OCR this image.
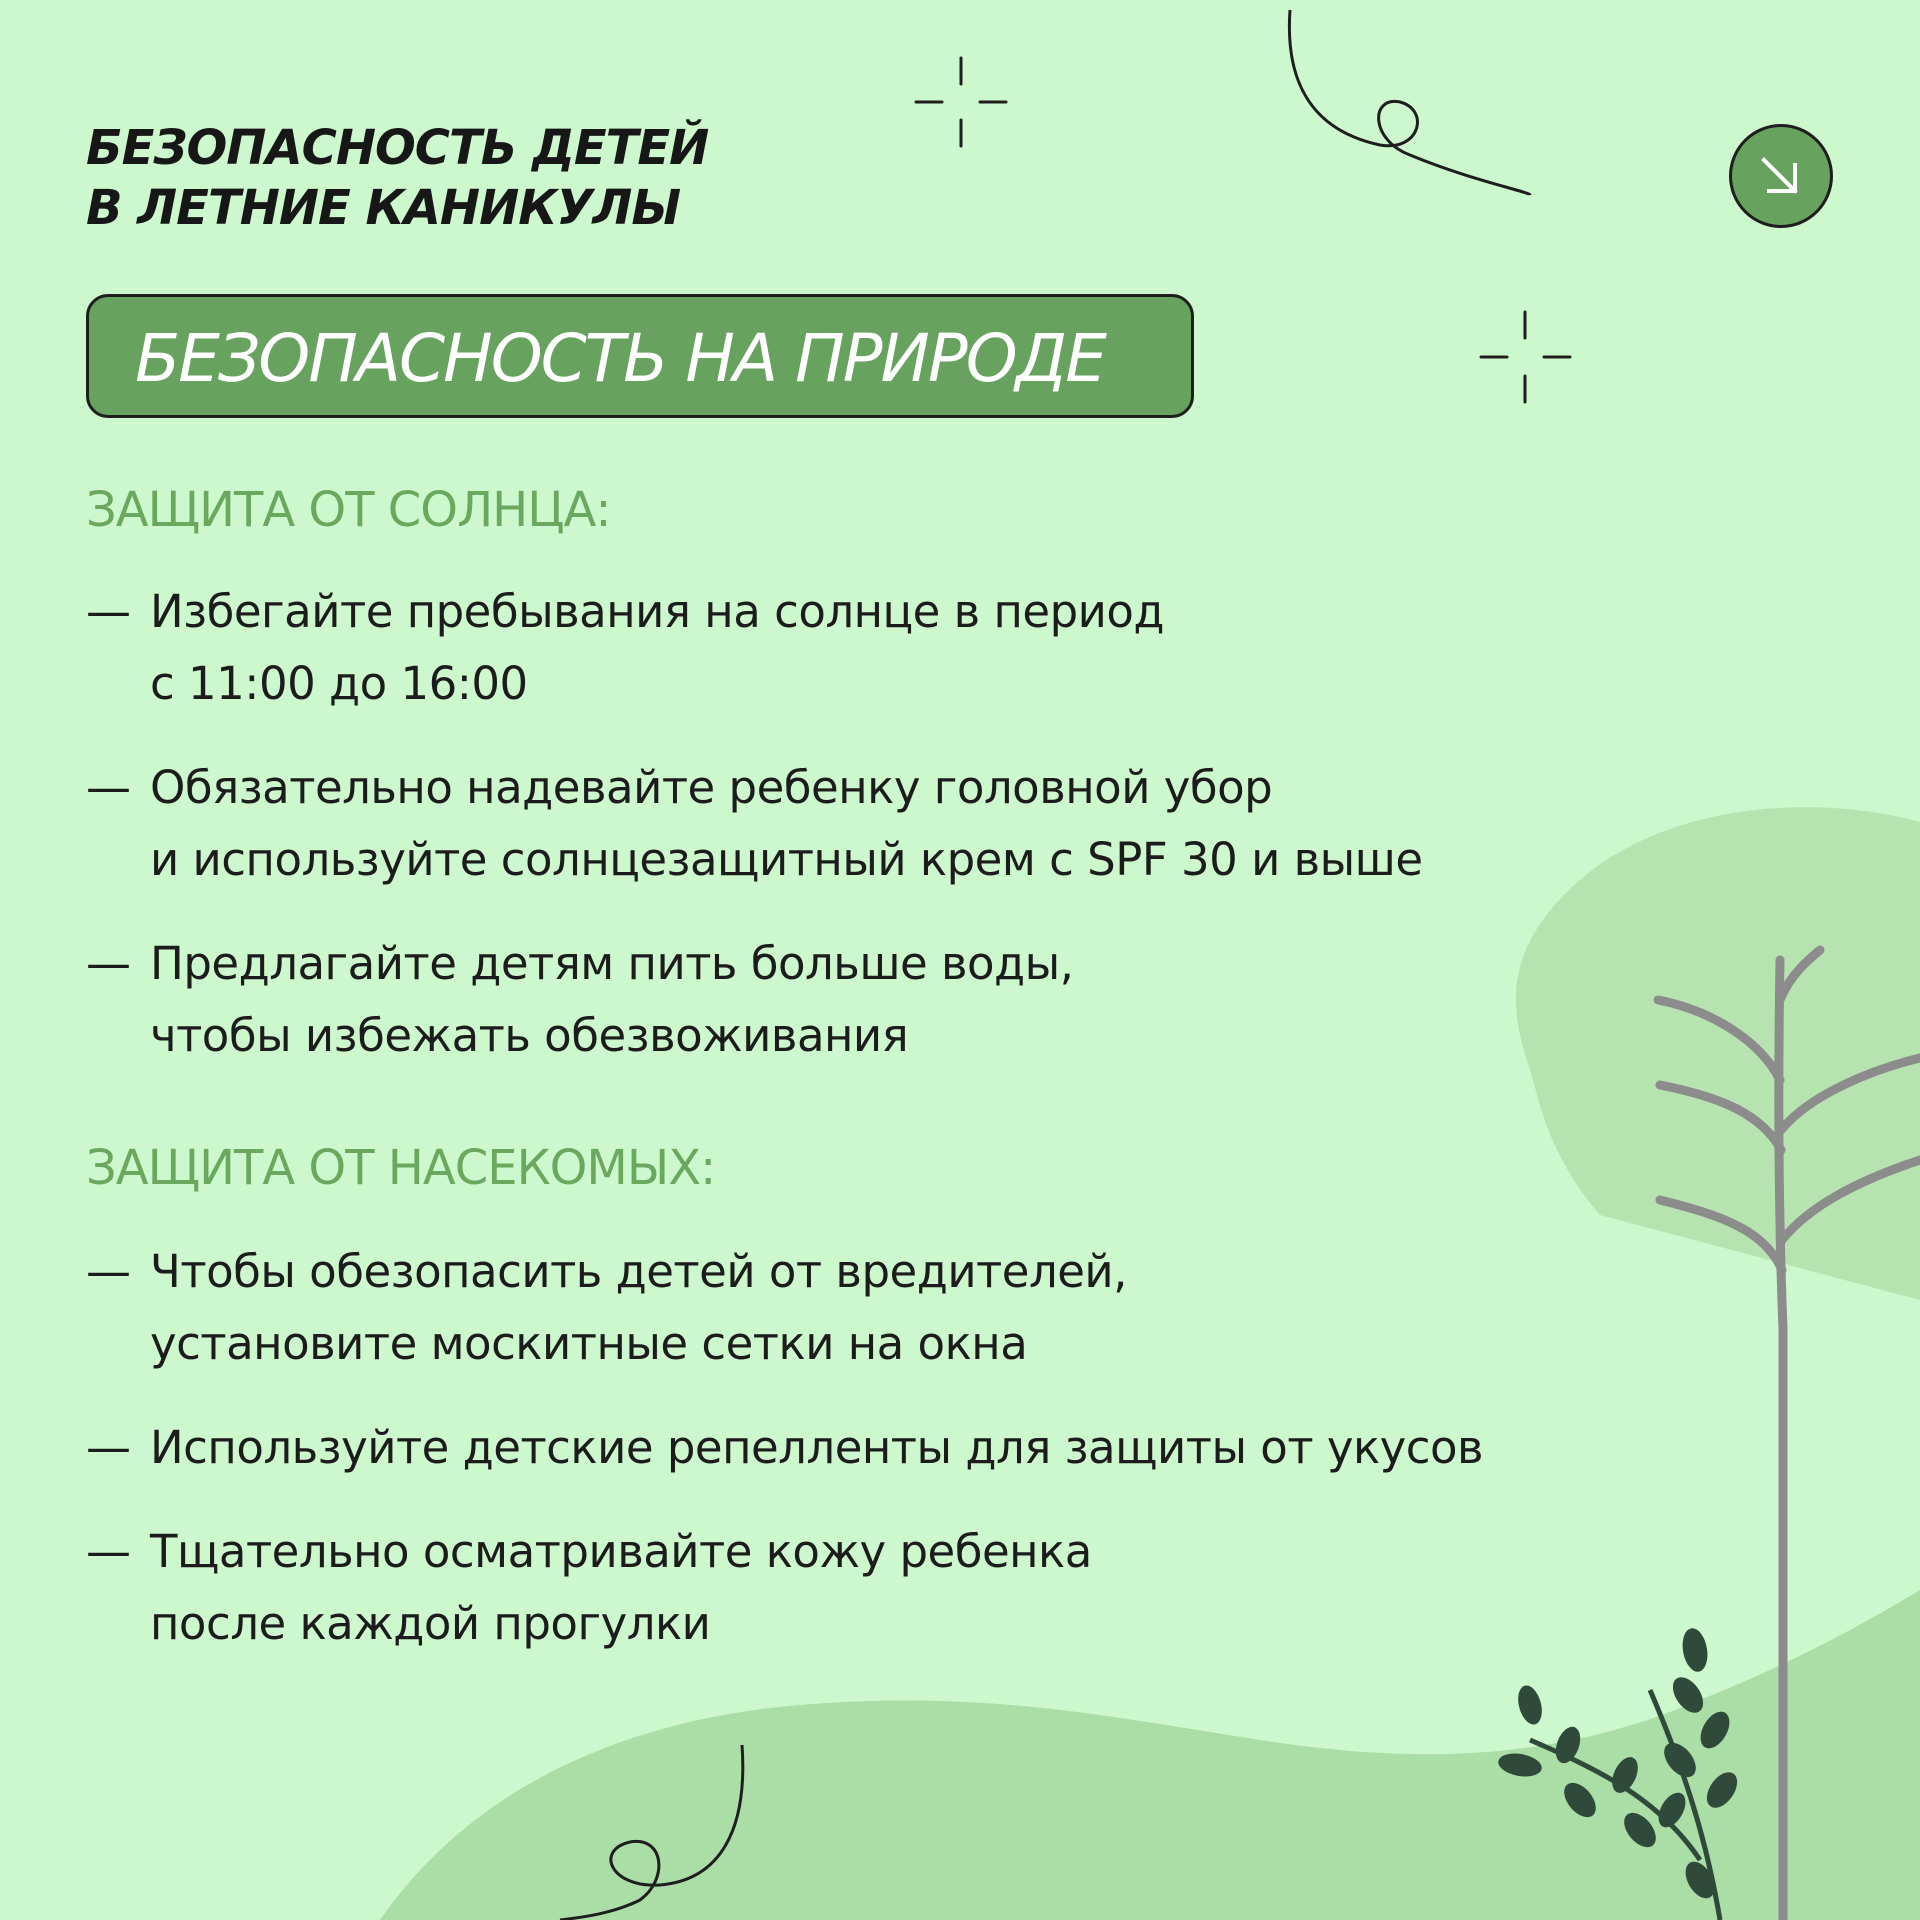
БЕЗОПАСНОСТЬ ДЕТЕЙ
В ЛЕТНИЕ КАНИКУЛЫ
БЕЗОПАСНОСТЬ НА ПРИРОДЕ
ЗАЩИТА ОТ СОЛНЦА:

— Избегайте пребывания на солнце в период
с 11:00 до 16:00

— Обязательно надевайте ребенку головной убор
и используйте солнцезащитный крем с SPF 30 и выше

— Предлагайте детям пить больше воды,
чтобы избежать обезвоживания

ЗАЩИТА ОТ НАСЕКОМЫХ:

— Чтобы обезопасить детей от вредителей,
установите москитные сетки на окна

— Используйте детские репелленты для защиты от укусов

— Тщательно осматривайте кожу ребенка
после каждой прогулки
